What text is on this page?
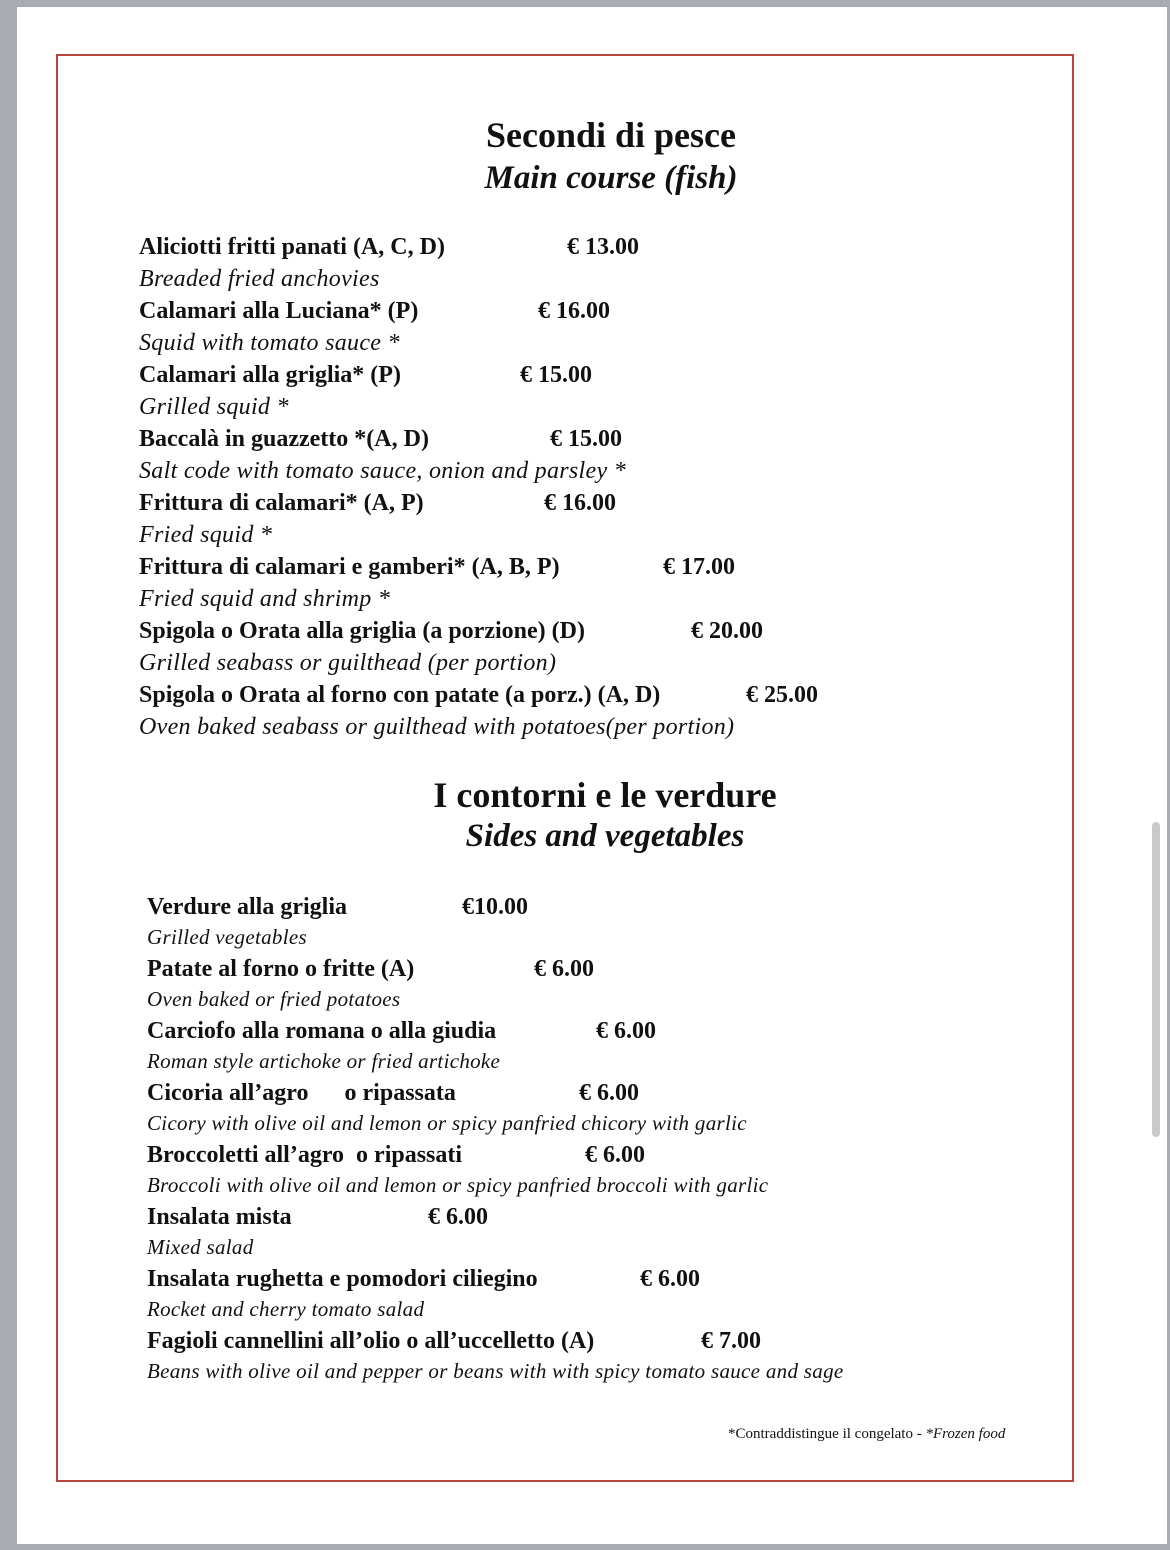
Secondi di pesce
Main course (fish)

Aliciotti fritti panati (A, C, D)	€ 13.00

Breaded fried anchovies

Calamari alla Luciana* (P)	€ 16.00

Squid with tomato sauce *

Calamari alla griglia* (P)	€ 15.00

Grilled squid *

Baccalà in guazzetto *(A, D)	€ 15.00

Salt code with tomato sauce, onion and parsley *

Frittura di calamari* (A, P)	€ 16.00

Fried squid *

Frittura di calamari e gamberi* (A, B, P)	€ 17.00

Fried squid and shrimp *

Spigola o Orata alla griglia (a porzione) (D)	€ 20.00

Grilled seabass or guilthead (per portion)

Spigola o Orata al forno con patate (a porz.) (A, D)	€ 25.00

Oven baked seabass or guilthead with potatoes(per portion)

I contorni e le verdure
Sides and vegetables

Verdure alla griglia	€10.00

Grilled vegetables

Patate al forno o fritte (A)	€ 6.00

Oven baked or fried potatoes

Carciofo alla romana o alla giudia	€ 6.00

Roman style artichoke or fried artichoke

Cicoria all’agro      o ripassata	€ 6.00

Cicory with olive oil and lemon or spicy panfried chicory with garlic

Broccoletti all’agro  o ripassati	€ 6.00

Broccoli with olive oil and lemon or spicy panfried broccoli with garlic

Insalata mista	€ 6.00

Mixed salad

Insalata rughetta e pomodori ciliegino	€ 6.00

Rocket and cherry tomato salad

Fagioli cannellini all’olio o all’uccelletto (A)	€ 7.00

Beans with olive oil and pepper or beans with with spicy tomato sauce and sage

*Contraddistingue il congelato - *Frozen food
